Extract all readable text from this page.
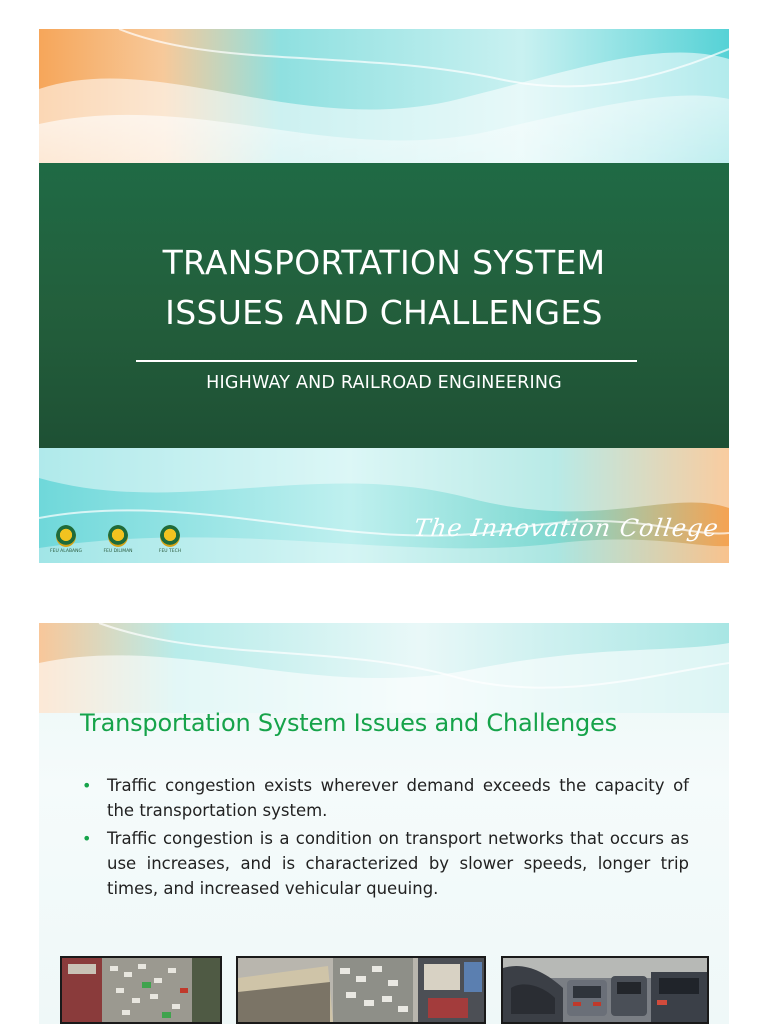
TRANSPORTATION SYSTEM
ISSUES AND CHALLENGES
HIGHWAY AND RAILROAD ENGINEERING
FEU ALABANG	FEU DILIMAN	FEU TECH
The Innovation College
Transportation System Issues and Challenges
• Traffic congestion exists wherever demand exceeds the capacity of the transportation system.
• Traffic congestion is a condition on transport networks that occurs as use increases, and is characterized by slower speeds, longer trip times, and increased vehicular queuing.
